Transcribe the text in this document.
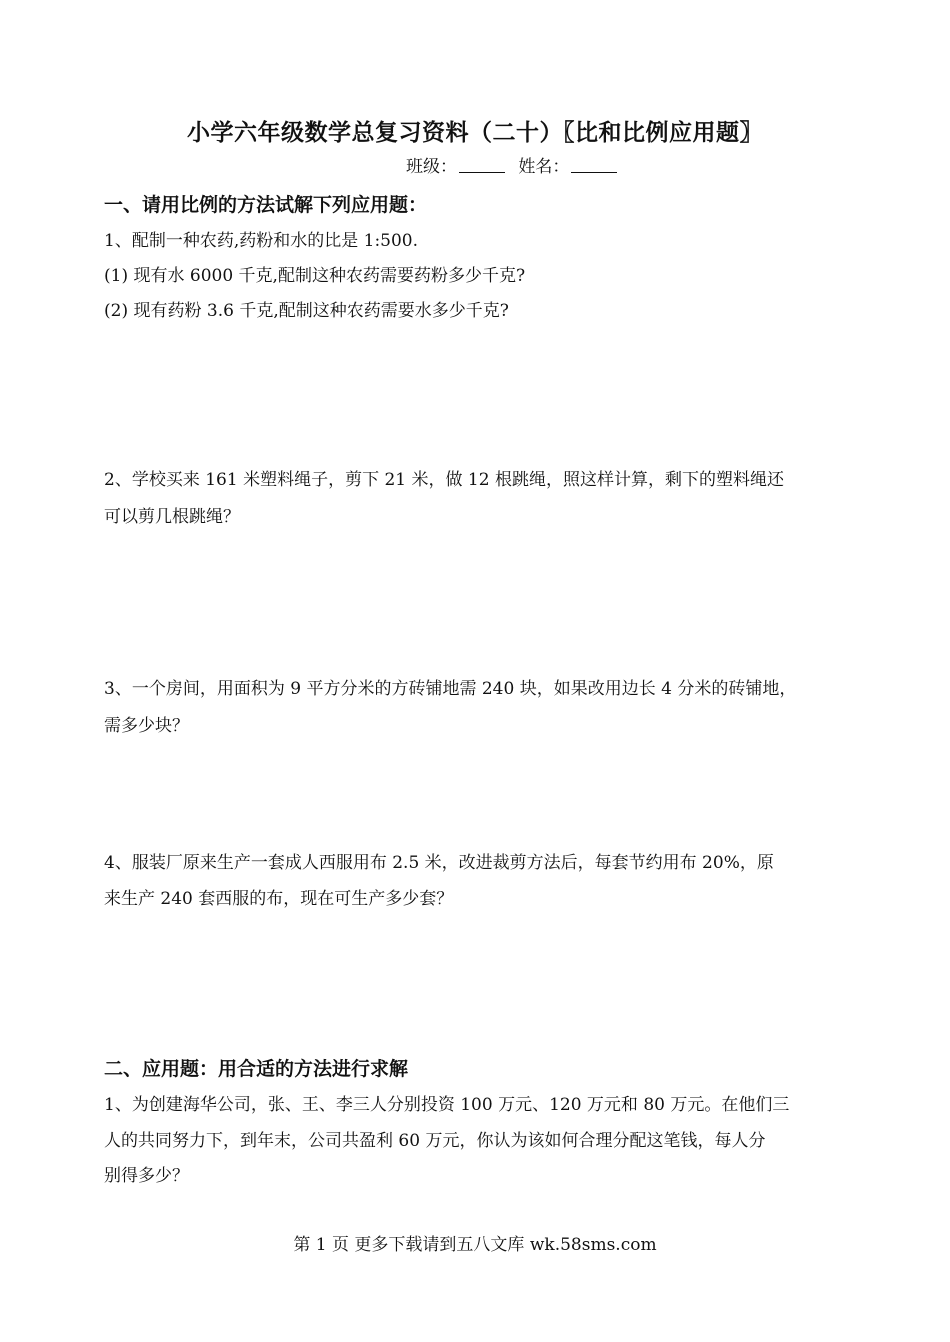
小学六年级数学总复习资料（二十）〖比和比例应用题〗
班级：	姓名：
一、请用比例的方法试解下列应用题：
1、配制一种农药,药粉和水的比是 1:500.
(1) 现有水 6000 千克,配制这种农药需要药粉多少千克?
(2) 现有药粉 3.6 千克,配制这种农药需要水多少千克?
2、学校买来 161 米塑料绳子，剪下 21 米，做 12 根跳绳，照这样计算，剩下的塑料绳还
可以剪几根跳绳？
3、一个房间，用面积为 9 平方分米的方砖铺地需 240 块，如果改用边长 4 分米的砖铺地，
需多少块？
4、服装厂原来生产一套成人西服用布 2.5 米，改进裁剪方法后，每套节约用布 20%，原
来生产 240 套西服的布，现在可生产多少套？
二、应用题：用合适的方法进行求解
1、为创建海华公司，张、王、李三人分别投资 100 万元、120 万元和 80 万元。在他们三
人的共同努力下，到年末，公司共盈利 60 万元，你认为该如何合理分配这笔钱，每人分
别得多少？
第 1 页 更多下载请到五八文库 wk.58sms.com
